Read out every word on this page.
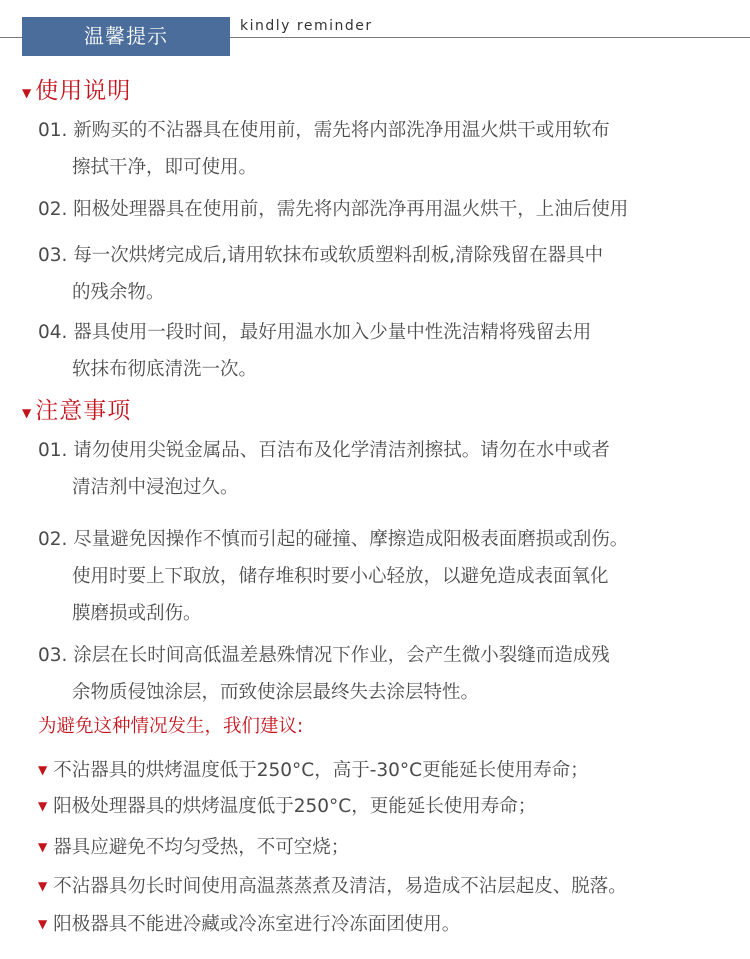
温馨提示	kindly reminder
▼ 使用说明
01. 新购买的不沾器具在使用前，需先将内部洗净用温火烘干或用软布
擦拭干净，即可使用。
02. 阳极处理器具在使用前，需先将内部洗净再用温火烘干，上油后使用
03. 每一次烘烤完成后,请用软抹布或软质塑料刮板,清除残留在器具中
的残余物。
04. 器具使用一段时间，最好用温水加入少量中性洗洁精将残留去用
软抹布彻底清洗一次。
▼ 注意事项
01. 请勿使用尖锐金属品、百洁布及化学清洁剂擦拭。请勿在水中或者
清洁剂中浸泡过久。
02. 尽量避免因操作不慎而引起的碰撞、摩擦造成阳极表面磨损或刮伤。
使用时要上下取放，储存堆积时要小心轻放，以避免造成表面氧化
膜磨损或刮伤。
03. 涂层在长时间高低温差悬殊情况下作业，会产生微小裂缝而造成残
余物质侵蚀涂层，而致使涂层最终失去涂层特性。
为避免这种情况发生，我们建议:
▼ 不沾器具的烘烤温度低于250°C，高于-30°C更能延长使用寿命；
▼ 阳极处理器具的烘烤温度低于250°C，更能延长使用寿命；
▼ 器具应避免不均匀受热，不可空烧；
▼ 不沾器具勿长时间使用高温蒸蒸煮及清洁，易造成不沾层起皮、脱落。
▼ 阳极器具不能进冷藏或冷冻室进行冷冻面团使用。
